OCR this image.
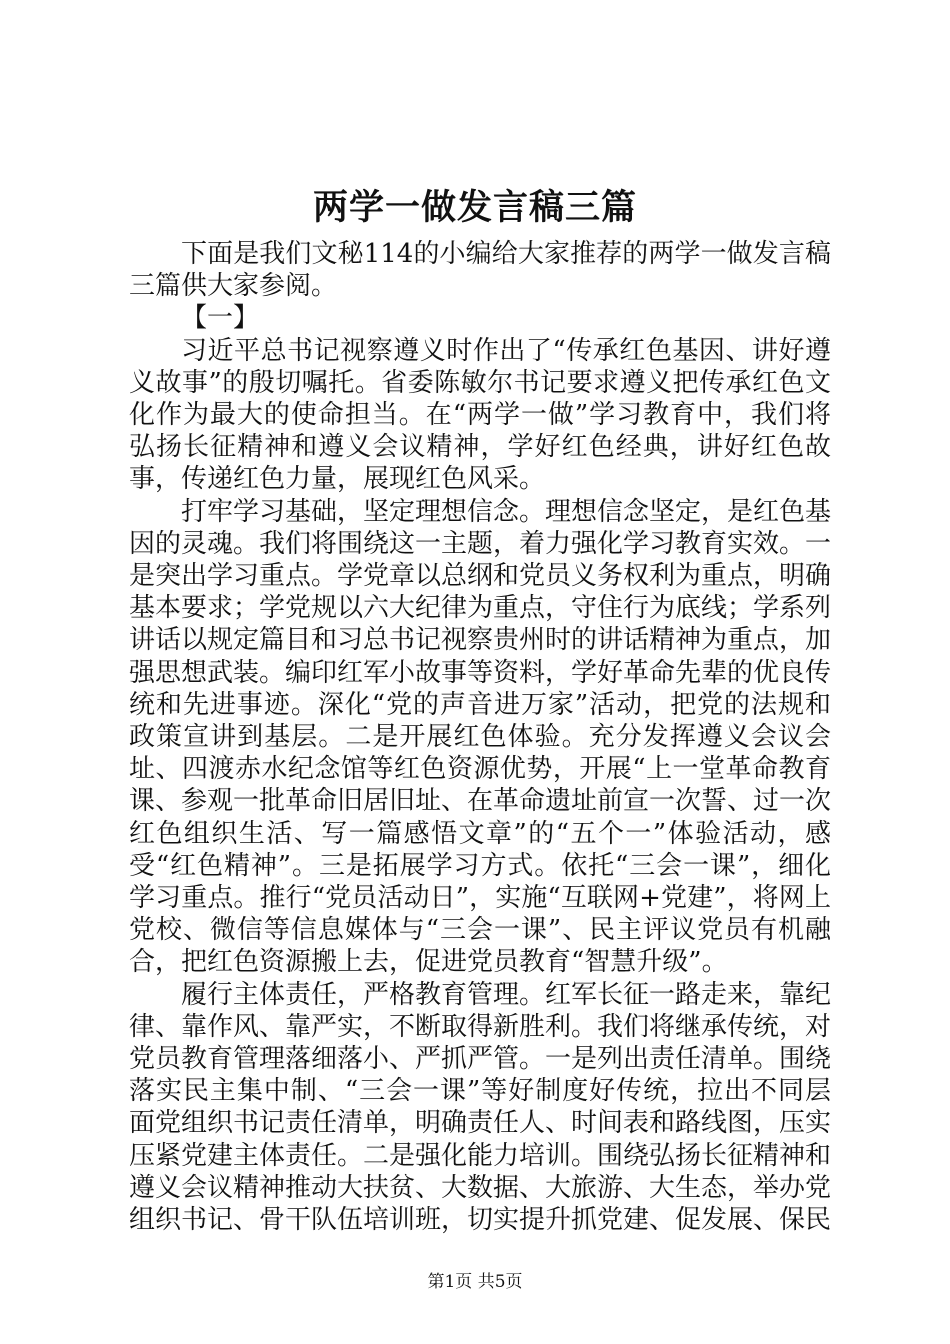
两学一做发言稿三篇

下面是我们文秘114的小编给大家推荐的两学一做发言稿三篇供大家参阅。

【一】

习近平总书记视察遵义时作出了“传承红色基因、讲好遵义故事”的殷切嘱托。省委陈敏尔书记要求遵义把传承红色文化作为最大的使命担当。在“两学一做”学习教育中，我们将弘扬长征精神和遵义会议精神，学好红色经典，讲好红色故事，传递红色力量，展现红色风采。

打牢学习基础，坚定理想信念。理想信念坚定，是红色基因的灵魂。我们将围绕这一主题，着力强化学习教育实效。一是突出学习重点。学党章以总纲和党员义务权利为重点，明确基本要求；学党规以六大纪律为重点，守住行为底线；学系列讲话以规定篇目和习总书记视察贵州时的讲话精神为重点，加强思想武装。编印红军小故事等资料，学好革命先辈的优良传统和先进事迹。深化“党的声音进万家”活动，把党的法规和政策宣讲到基层。二是开展红色体验。充分发挥遵义会议会址、四渡赤水纪念馆等红色资源优势，开展“上一堂革命教育课、参观一批革命旧居旧址、在革命遗址前宣一次誓、过一次红色组织生活、写一篇感悟文章”的“五个一”体验活动，感受“红色精神”。三是拓展学习方式。依托“三会一课”，细化学习重点。推行“党员活动日”，实施“互联网+党建”，将网上党校、微信等信息媒体与“三会一课”、民主评议党员有机融合，把红色资源搬上去，促进党员教育“智慧升级”。

履行主体责任，严格教育管理。红军长征一路走来，靠纪律、靠作风、靠严实，不断取得新胜利。我们将继承传统，对党员教育管理落细落小、严抓严管。一是列出责任清单。围绕落实民主集中制、“三会一课”等好制度好传统，拉出不同层面党组织书记责任清单，明确责任人、时间表和路线图，压实压紧党建主体责任。二是强化能力培训。围绕弘扬长征精神和遵义会议精神推动大扶贫、大数据、大旅游、大生态，举办党组织书记、骨干队伍培训班，切实提升抓党建、促发展、保民

第1页 共5页
